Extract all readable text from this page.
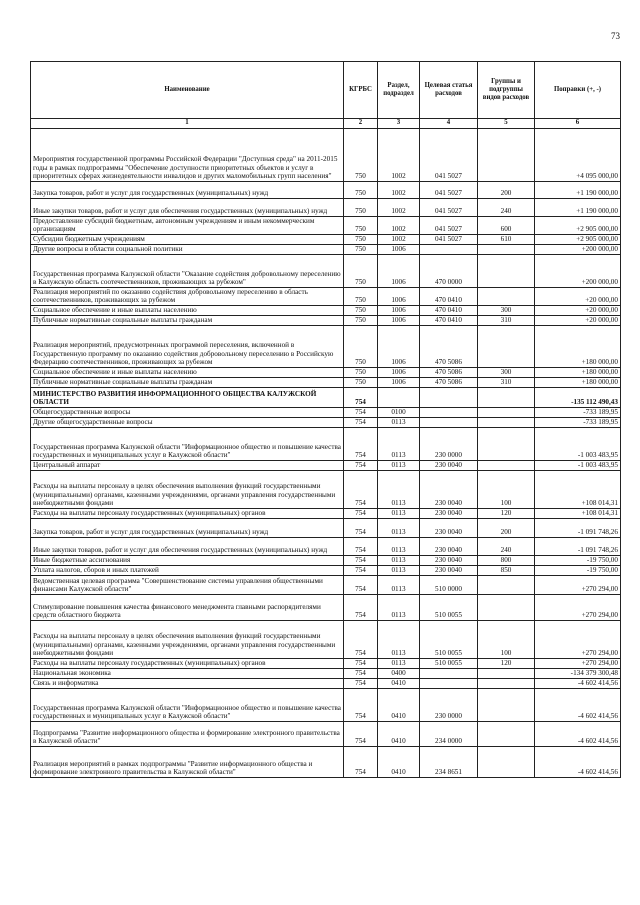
73
Наименование	КГРБС	Раздел, подраздел	Целевая статья расходов	Группы и подгруппы видов расходов	Поправки (+, -)
1	2	3	4	5	6
Мероприятия государственной программы Российской Федерации "Доступная среда" на 2011-2015 годы в рамках подпрограммы "Обеспечение доступности приоритетных объектов и услуг в приоритетных сферах жизнедеятельности инвалидов и других маломобильных групп населения"	750	1002	041 5027		+4 095 000,00
Закупка товаров, работ и услуг для государственных (муниципальных) нужд	750	1002	041 5027	200	+1 190 000,00
Иные закупки товаров, работ и услуг для обеспечения государственных (муниципальных) нужд	750	1002	041 5027	240	+1 190 000,00
Предоставление субсидий бюджетным, автономным учреждениям и иным некоммерческим организациям	750	1002	041 5027	600	+2 905 000,00
Субсидии бюджетным учреждениям	750	1002	041 5027	610	+2 905 000,00
Другие вопросы в области социальной политики	750	1006			+200 000,00
Государственная программа Калужской области "Оказание содействия добровольному переселению в Калужскую область соотечественников, проживающих за рубежом"	750	1006	470 0000		+200 000,00
Реализация мероприятий по оказанию содействия добровольному переселению в область соотечественников, проживающих за рубежом	750	1006	470 0410		+20 000,00
Социальное обеспечение и иные выплаты населению	750	1006	470 0410	300	+20 000,00
Публичные нормативные социальные выплаты гражданам	750	1006	470 0410	310	+20 000,00
Реализация мероприятий, предусмотренных программой переселения, включенной в Государственную программу по оказанию содействия добровольному переселению в Российскую Федерацию соотечественников, проживающих за рубежом	750	1006	470 5086		+180 000,00
Социальное обеспечение и иные выплаты населению	750	1006	470 5086	300	+180 000,00
Публичные нормативные социальные выплаты гражданам	750	1006	470 5086	310	+180 000,00
МИНИСТЕРСТВО РАЗВИТИЯ ИНФОРМАЦИОННОГО ОБЩЕСТВА КАЛУЖСКОЙ ОБЛАСТИ	754				-135 112 490,43
Общегосударственные вопросы	754	0100			-733 189,95
Другие общегосударственные вопросы	754	0113			-733 189,95
Государственная программа Калужской области "Информационное общество и повышение качества государственных и муниципальных услуг в Калужской области"	754	0113	230 0000		-1 003 483,95
Центральный аппарат	754	0113	230 0040		-1 003 483,95
Расходы на выплаты персоналу в целях обеспечения выполнения функций государственными (муниципальными) органами, казенными учреждениями, органами управления государственными внебюджетными фондами	754	0113	230 0040	100	+108 014,31
Расходы на выплаты персоналу государственных (муниципальных) органов	754	0113	230 0040	120	+108 014,31
Закупка товаров, работ и услуг для государственных (муниципальных) нужд	754	0113	230 0040	200	-1 091 748,26
Иные закупки товаров, работ и услуг для обеспечения государственных (муниципальных) нужд	754	0113	230 0040	240	-1 091 748,26
Иные бюджетные ассигнования	754	0113	230 0040	800	-19 750,00
Уплата налогов, сборов и иных платежей	754	0113	230 0040	850	-19 750,00
Ведомственная целевая программа "Совершенствование системы управления общественными финансами Калужской области"	754	0113	510 0000		+270 294,00
Стимулирование повышения качества финансового менеджмента главными распорядителями средств областного бюджета	754	0113	510 0055		+270 294,00
Расходы на выплаты персоналу в целях обеспечения выполнения функций государственными (муниципальными) органами, казенными учреждениями, органами управления государственными внебюджетными фондами	754	0113	510 0055	100	+270 294,00
Расходы на выплаты персоналу государственных (муниципальных) органов	754	0113	510 0055	120	+270 294,00
Национальная экономика	754	0400			-134 379 300,48
Связь и информатика	754	0410			-4 602 414,56
Государственная программа Калужской области "Информационное общество и повышение качества государственных и муниципальных услуг в Калужской области"	754	0410	230 0000		-4 602 414,56
Подпрограмма "Развитие информационного общества и формирование электронного правительства в Калужской области"	754	0410	234 0000		-4 602 414,56
Реализация мероприятий в рамках подпрограммы "Развитие информационного общества и формирование электронного правительства в Калужской области"	754	0410	234 8651		-4 602 414,56
